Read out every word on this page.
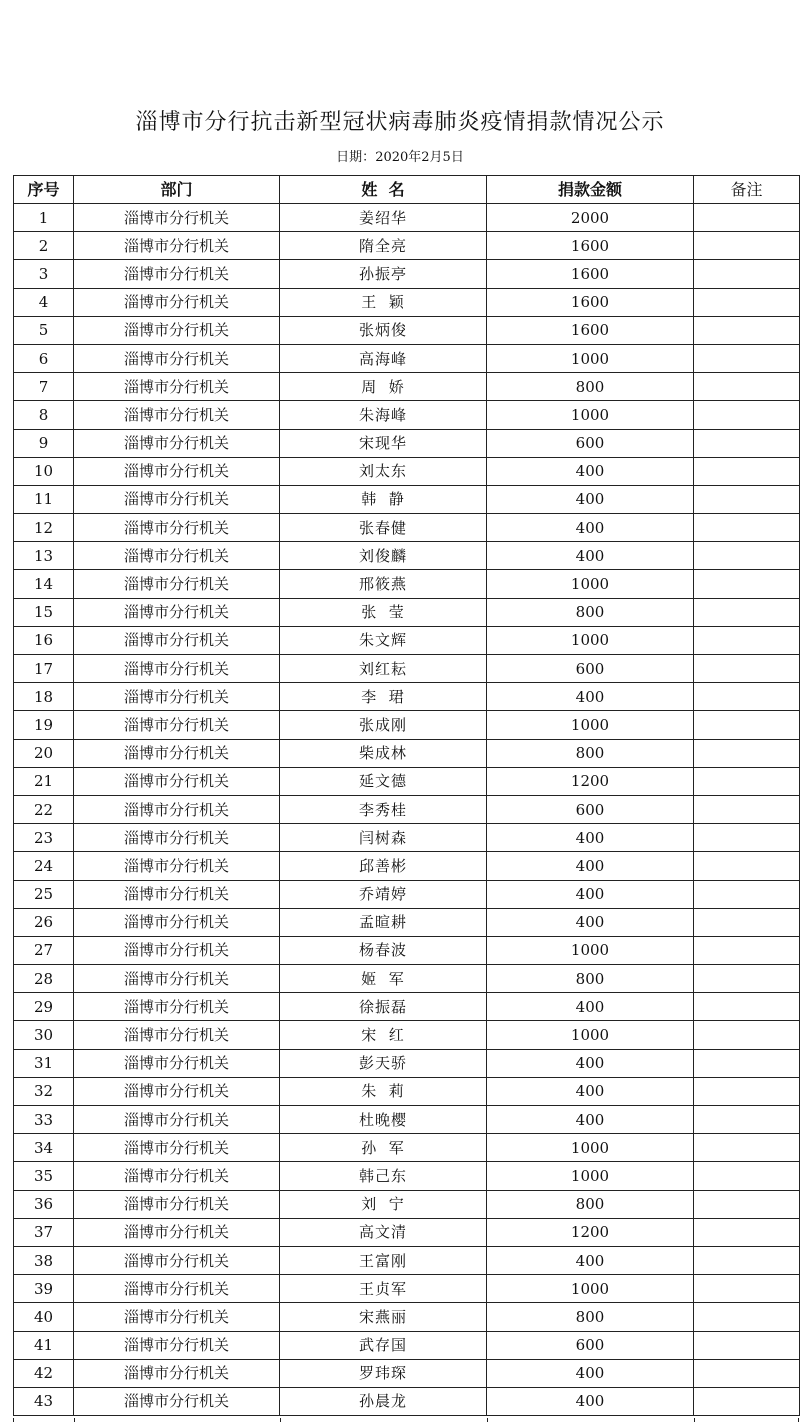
淄博市分行抗击新型冠状病毒肺炎疫情捐款情况公示
日期：2020年2月5日
序号	部门	姓  名	捐款金额	备注
1	淄博市分行机关	姜绍华	2000	
2	淄博市分行机关	隋全亮	1600	
3	淄博市分行机关	孙振亭	1600	
4	淄博市分行机关	王  颖	1600	
5	淄博市分行机关	张炳俊	1600	
6	淄博市分行机关	高海峰	1000	
7	淄博市分行机关	周  娇	800	
8	淄博市分行机关	朱海峰	1000	
9	淄博市分行机关	宋现华	600	
10	淄博市分行机关	刘太东	400	
11	淄博市分行机关	韩  静	400	
12	淄博市分行机关	张春健	400	
13	淄博市分行机关	刘俊麟	400	
14	淄博市分行机关	邢筱燕	1000	
15	淄博市分行机关	张  莹	800	
16	淄博市分行机关	朱文辉	1000	
17	淄博市分行机关	刘红耘	600	
18	淄博市分行机关	李  珺	400	
19	淄博市分行机关	张成刚	1000	
20	淄博市分行机关	柴成林	800	
21	淄博市分行机关	延文德	1200	
22	淄博市分行机关	李秀桂	600	
23	淄博市分行机关	闫树森	400	
24	淄博市分行机关	邱善彬	400	
25	淄博市分行机关	乔靖婷	400	
26	淄博市分行机关	孟暄耕	400	
27	淄博市分行机关	杨春波	1000	
28	淄博市分行机关	姬  军	800	
29	淄博市分行机关	徐振磊	400	
30	淄博市分行机关	宋  红	1000	
31	淄博市分行机关	彭天骄	400	
32	淄博市分行机关	朱  莉	400	
33	淄博市分行机关	杜晚樱	400	
34	淄博市分行机关	孙  军	1000	
35	淄博市分行机关	韩己东	1000	
36	淄博市分行机关	刘  宁	800	
37	淄博市分行机关	高文清	1200	
38	淄博市分行机关	王富刚	400	
39	淄博市分行机关	王贞军	1000	
40	淄博市分行机关	宋燕丽	800	
41	淄博市分行机关	武存国	600	
42	淄博市分行机关	罗玮琛	400	
43	淄博市分行机关	孙晨龙	400	
